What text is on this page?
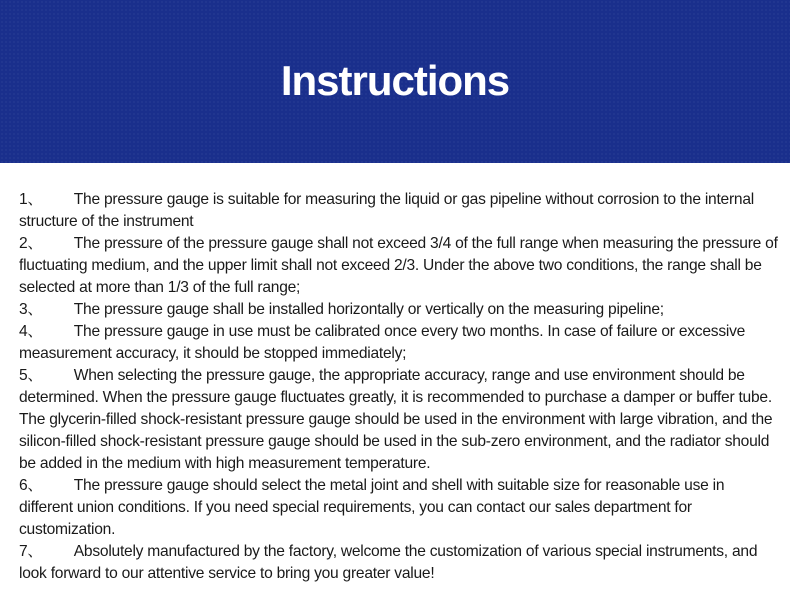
Instructions

1、 The pressure gauge is suitable for measuring the liquid or gas pipeline without corrosion to the internal structure of the instrument

2、 The pressure of the pressure gauge shall not exceed 3/4 of the full range when measuring the pressure of fluctuating medium, and the upper limit shall not exceed 2/3. Under the above two conditions, the range shall be selected at more than 1/3 of the full range;

3、 The pressure gauge shall be installed horizontally or vertically on the measuring pipeline;

4、 The pressure gauge in use must be calibrated once every two months. In case of failure or excessive measurement accuracy, it should be stopped immediately;

5、 When selecting the pressure gauge, the appropriate accuracy, range and use environment should be determined. When the pressure gauge fluctuates greatly, it is recommended to purchase a damper or buffer tube. The glycerin-filled shock-resistant pressure gauge should be used in the environment with large vibration, and the silicon-filled shock-resistant pressure gauge should be used in the sub-zero environment, and the radiator should be added in the medium with high measurement temperature.

6、 The pressure gauge should select the metal joint and shell with suitable size for reasonable use in different union conditions. If you need special requirements, you can contact our sales department for customization.

7、 Absolutely manufactured by the factory, welcome the customization of various special instruments, and look forward to our attentive service to bring you greater value!
